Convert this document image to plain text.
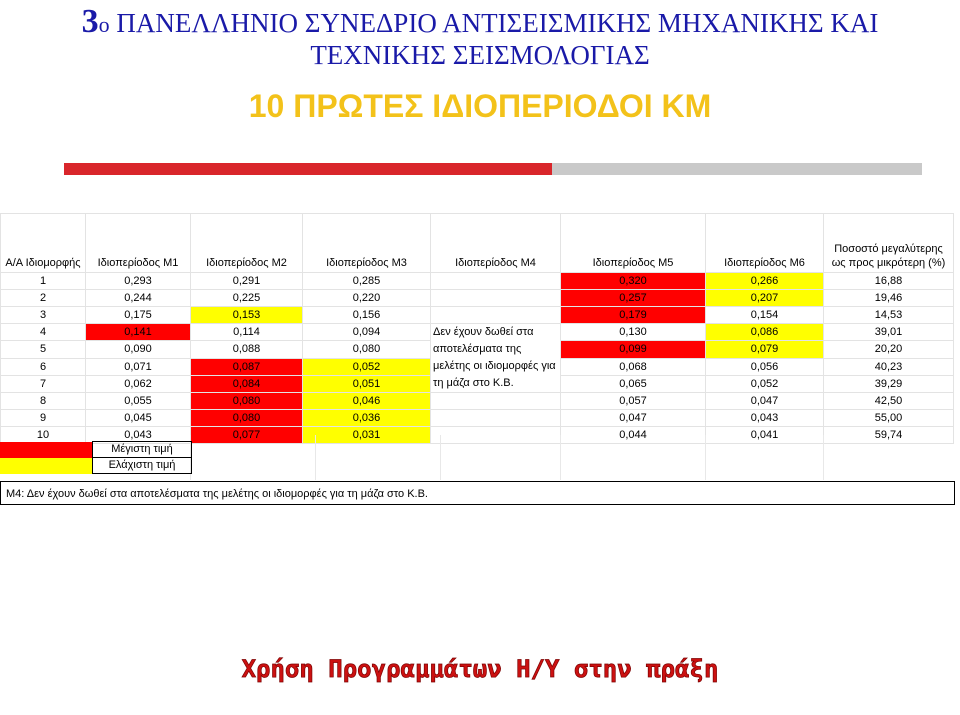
3ο ΠΑΝΕΛΛΗΝΙΟ ΣΥΝΕΔΡΙΟ ΑΝΤΙΣΕΙΣΜΙΚΗΣ ΜΗΧΑΝΙΚΗΣ ΚΑΙ
ΤΕΧΝΙΚΗΣ ΣΕΙΣΜΟΛΟΓΙΑΣ
10 ΠΡΩΤΕΣ ΙΔΙΟΠΕΡΙΟΔΟΙ ΚΜ
Α/Α Ιδιομορφής	Ιδιοπερίοδος Μ1	Ιδιοπερίοδος Μ2	Ιδιοπερίοδος Μ3	Ιδιοπερίοδος Μ4	Ιδιοπερίοδος Μ5	Ιδιοπερίοδος Μ6	Ποσοστό μεγαλύτερης ως προς μικρότερη (%)
1	0,293	0,291	0,285		0,320	0,266	16,88
2	0,244	0,225	0,220		0,257	0,207	19,46
3	0,175	0,153	0,156		0,179	0,154	14,53
4	0,141	0,114	0,094	Δεν έχουν δωθεί στα αποτελέσματα της μελέτης οι ιδιομορφές για τη μάζα στο Κ.Β.	0,130	0,086	39,01
5	0,090	0,088	0,080		0,099	0,079	20,20
6	0,071	0,087	0,052		0,068	0,056	40,23
7	0,062	0,084	0,051		0,065	0,052	39,29
8	0,055	0,080	0,046		0,057	0,047	42,50
9	0,045	0,080	0,036		0,047	0,043	55,00
10	0,043	0,077	0,031		0,044	0,041	59,74
	Μέγιστη τιμή
	Ελάχιστη τιμή
Μ4: Δεν έχουν δωθεί στα αποτελέσματα της μελέτης οι ιδιομορφές για τη μάζα στο Κ.Β.
Χρήση Προγραμμάτων Η/Υ στην πράξη
